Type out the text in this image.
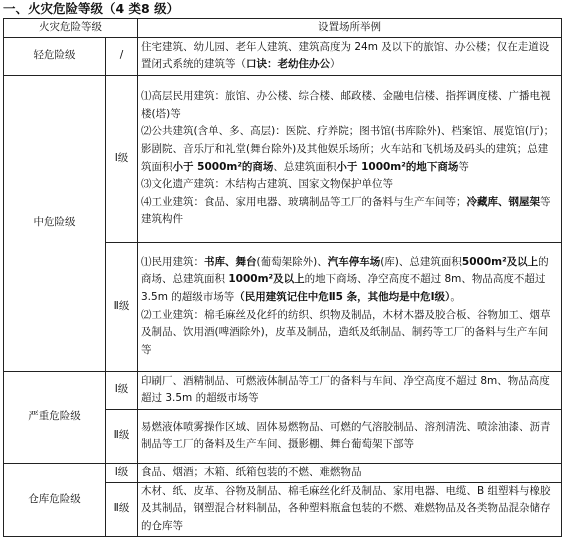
一、火灾危险等级（4 类8 级）
火灾危险等级		设置场所举例
轻危险级	/	住宅建筑、幼儿园、老年人建筑、建筑高度为 24m 及以下的旅馆、办公楼；仅在走道设置闭式系统的建筑等（口诀：老幼住办公）
中危险级	Ⅰ级	⑴高层民用建筑：旅馆、办公楼、综合楼、邮政楼、金融电信楼、指挥调度楼、广播电视楼(塔)等
⑵公共建筑(含单、多、高层)：医院、疗养院；图书馆(书库除外)、档案馆、展览馆(厅)；影剧院、音乐厅和礼堂(舞台除外)及其他娱乐场所；火车站和飞机场及码头的建筑；总建筑面积小于 5000m²的商场、总建筑面积小于 1000m²的地下商场等
⑶文化遗产建筑：木结构古建筑、国家文物保护单位等
⑷工业建筑：食品、家用电器、玻璃制品等工厂的备料与生产车间等；冷藏库、钢屋架等建筑构件

	Ⅱ级	⑴民用建筑：书库、舞台(葡萄架除外)、汽车停车场(库)、总建筑面积5000m²及以上的商场、总建筑面积 1000m²及以上的地下商场、净空高度不超过 8m、物品高度不超过 3.5m 的超级市场等（民用建筑记住中危Ⅱ5 条，其他均是中危Ⅰ级）。
⑵工业建筑：棉毛麻丝及化纤的纺织、织物及制品，木材木器及胶合板、谷物加工、烟草及制品、饮用酒(啤酒除外)，皮革及制品，造纸及纸制品、制药等工厂的备料与生产车间等

严重危险级	Ⅰ级	印刷厂、酒精制品、可燃液体制品等工厂的备料与车间、净空高度不超过 8m、物品高度超过 3.5m 的超级市场等
	Ⅱ级	易燃液体喷雾操作区域、固体易燃物品、可燃的气溶胶制品、溶剂清洗、喷涂油漆、沥青制品等工厂的备料及生产车间、摄影棚、舞台葡萄架下部等
仓库危险级	Ⅰ级	食品、烟酒；木箱、纸箱包装的不燃、难燃物品
	Ⅱ级	木材、纸、皮革、谷物及制品、棉毛麻丝化纤及制品、家用电器、电缆、B 组塑料与橡胶及其制品，钢塑混合材料制品，各种塑料瓶盒包装的不燃、难燃物品及各类物品混杂储存的仓库等
